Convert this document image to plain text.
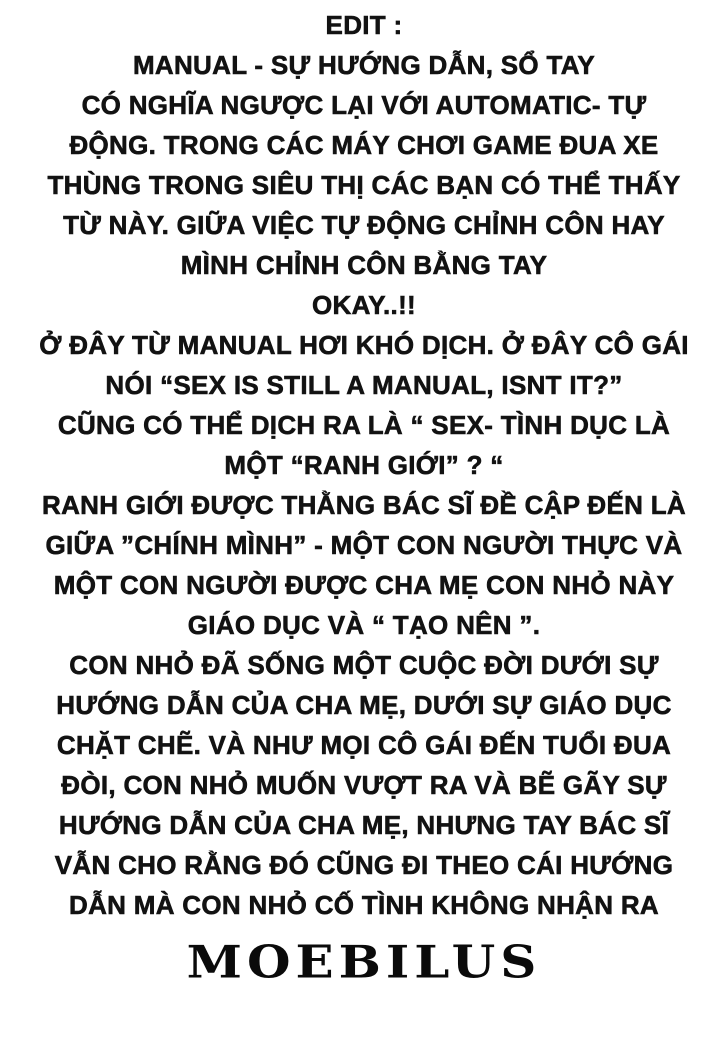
EDIT :
MANUAL - SỰ HƯỚNG DẪN, SỔ TAY
CÓ NGHĨA NGƯỢC LẠI VỚI AUTOMATIC- TỰ
ĐỘNG. TRONG CÁC MÁY CHƠI GAME ĐUA XE
THÙNG TRONG SIÊU THỊ CÁC BẠN CÓ THỂ THẤY
TỪ NÀY. GIỮA VIỆC TỰ ĐỘNG CHỈNH CÔN HAY
MÌNH CHỈNH CÔN BẰNG TAY
OKAY..!!
Ở ĐÂY TỪ MANUAL HƠI KHÓ DỊCH. Ở ĐÂY CÔ GÁI
NÓI “SEX IS STILL A MANUAL, ISNT IT?”
CŨNG CÓ THỂ DỊCH RA LÀ “ SEX- TÌNH DỤC LÀ
MỘT “RANH GIỚI” ? “
RANH GIỚI ĐƯỢC THẰNG BÁC SĨ ĐỀ CẬP ĐẾN LÀ
GIỮA ”CHÍNH MÌNH” - MỘT CON NGƯỜI THỰC VÀ
MỘT CON NGƯỜI ĐƯỢC CHA MẸ CON NHỎ NÀY
GIÁO DỤC VÀ “ TẠO NÊN ”.
CON NHỎ ĐÃ SỐNG MỘT CUỘC ĐỜI DƯỚI SỰ
HƯỚNG DẪN CỦA CHA MẸ, DƯỚI SỰ GIÁO DỤC
CHẶT CHẼ. VÀ NHƯ MỌI CÔ GÁI ĐẾN TUỔI ĐUA
ĐÒI, CON NHỎ MUỐN VƯỢT RA VÀ BẼ GÃY SỰ
HƯỚNG DẪN CỦA CHA MẸ, NHƯNG TAY BÁC SĨ
VẪN CHO RẰNG ĐÓ CŨNG ĐI THEO CÁI HƯỚNG
DẪN MÀ CON NHỎ CỐ TÌNH KHÔNG NHẬN RA
MOEBILUS
